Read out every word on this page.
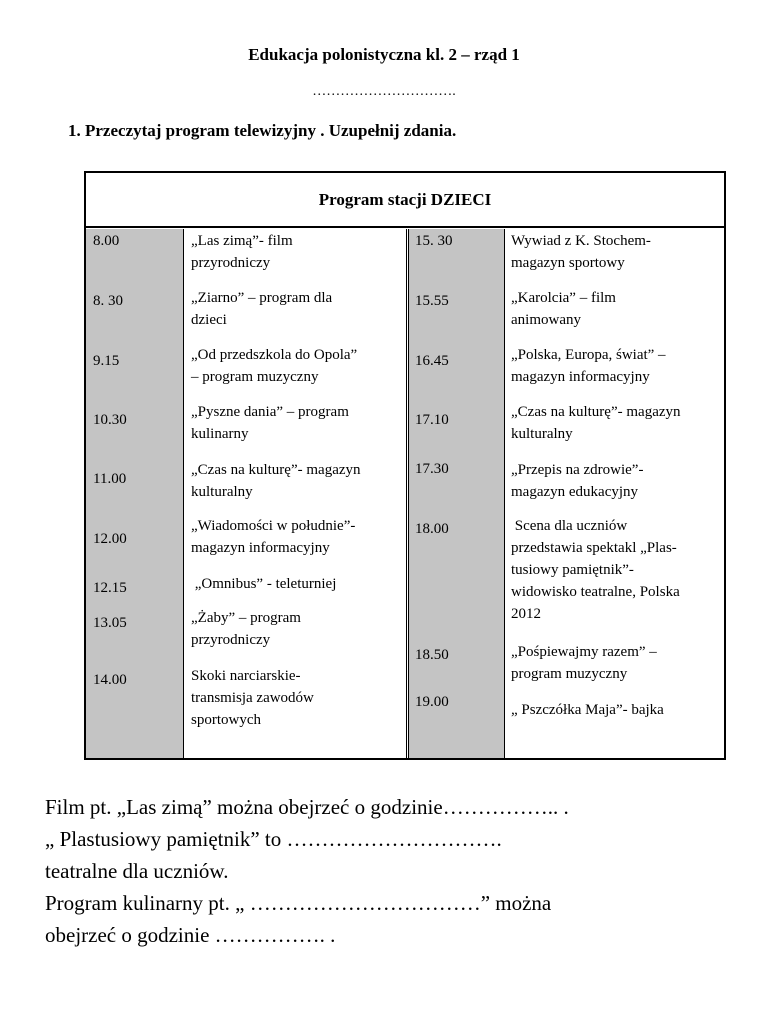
Edukacja polonistyczna kl. 2 – rząd 1
………………………….
1. Przeczytaj program telewizyjny . Uzupełnij zdania.
Program stacji DZIECI
8.00
8. 30
9.15
10.30
11.00
12.00
12.15
13.05
14.00
„Las zimą”- film
przyrodniczy
„Ziarno” – program dla
dzieci
„Od przedszkola do Opola”
– program muzyczny
„Pyszne dania” – program
kulinarny
„Czas na kulturę”- magazyn
kulturalny
„Wiadomości w południe”-
magazyn informacyjny
„Omnibus” - teleturniej
„Żaby” – program
przyrodniczy
Skoki narciarskie-
transmisja zawodów
sportowych
15. 30
15.55
16.45
17.10
17.30
18.00
18.50
19.00
Wywiad z K. Stochem-
magazyn sportowy
„Karolcia” – film
animowany
„Polska, Europa, świat” –
magazyn informacyjny
„Czas na kulturę”- magazyn
kulturalny
„Przepis na zdrowie”-
magazyn edukacyjny
Scena dla uczniów
przedstawia spektakl „Plas-
tusiowy pamiętnik”-
widowisko teatralne, Polska
2012
„Pośpiewajmy razem” –
program muzyczny
„ Pszczółka Maja”- bajka
Film pt. „Las zimą” można obejrzeć o godzinie…………….. .
„ Plastusiowy pamiętnik” to ………………………….
teatralne dla uczniów.
Program kulinarny pt. „ ……………………………” można
obejrzeć o godzinie ……………. .
